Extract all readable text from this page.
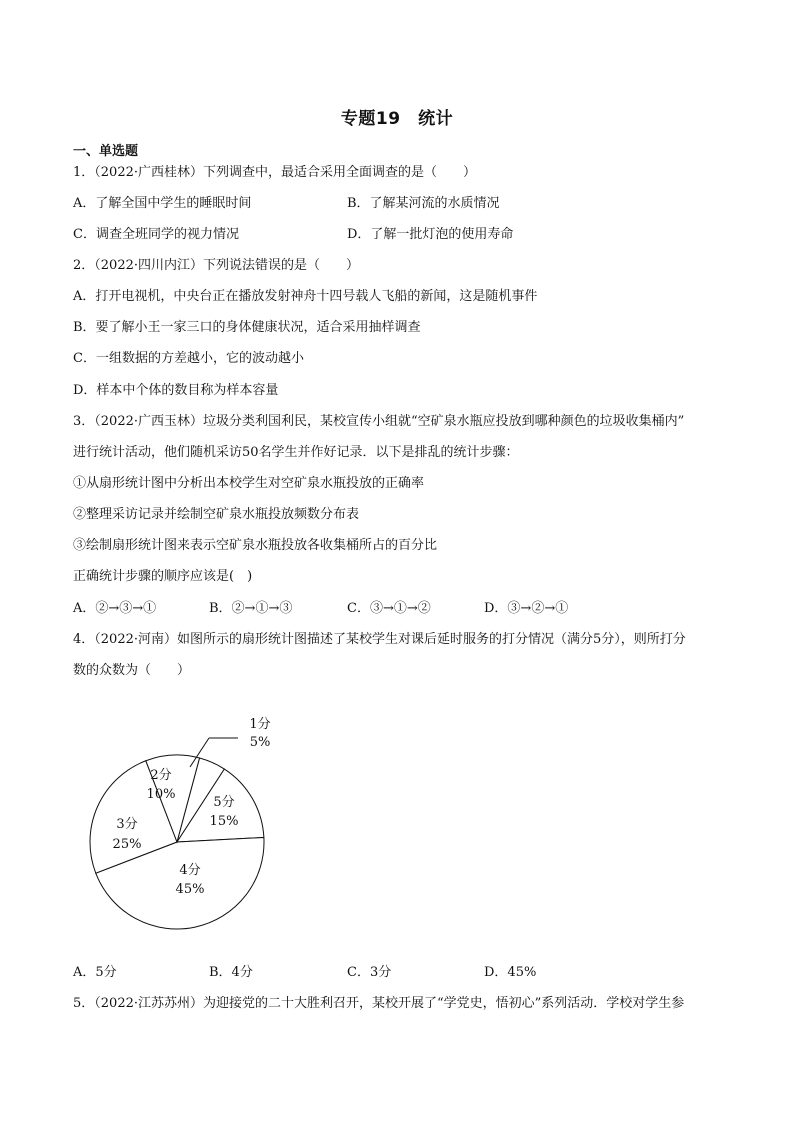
专题19　统计
一、单选题
1．（2022·广西桂林）下列调查中，最适合采用全面调查的是（　　）
A．了解全国中学生的睡眠时间	B．了解某河流的水质情况
C．调查全班同学的视力情况	D．了解一批灯泡的使用寿命
2．（2022·四川内江）下列说法错误的是（　　）
A．打开电视机，中央台正在播放发射神舟十四号载人飞船的新闻，这是随机事件
B．要了解小王一家三口的身体健康状况，适合采用抽样调查
C．一组数据的方差越小，它的波动越小
D．样本中个体的数目称为样本容量
3．（2022·广西玉林）垃圾分类利国利民，某校宣传小组就“空矿泉水瓶应投放到哪种颜色的垃圾收集桶内”
进行统计活动，他们随机采访50名学生并作好记录．以下是排乱的统计步骤：
①从扇形统计图中分析出本校学生对空矿泉水瓶投放的正确率
②整理采访记录并绘制空矿泉水瓶投放频数分布表
③绘制扇形统计图来表示空矿泉水瓶投放各收集桶所占的百分比
正确统计步骤的顺序应该是(　)
A．②→③→①	B．②→①→③	C．③→①→②	D．③→②→①
4．（2022·河南）如图所示的扇形统计图描述了某校学生对课后延时服务的打分情况（满分5分），则所打分
数的众数为（　　）
1分
5%
5分
15%
4分
45%
3分
25%
2分
10%
A．5分	B．4分	C．3分	D．45%
5．（2022·江苏苏州）为迎接党的二十大胜利召开，某校开展了“学党史，悟初心”系列活动．学校对学生参
